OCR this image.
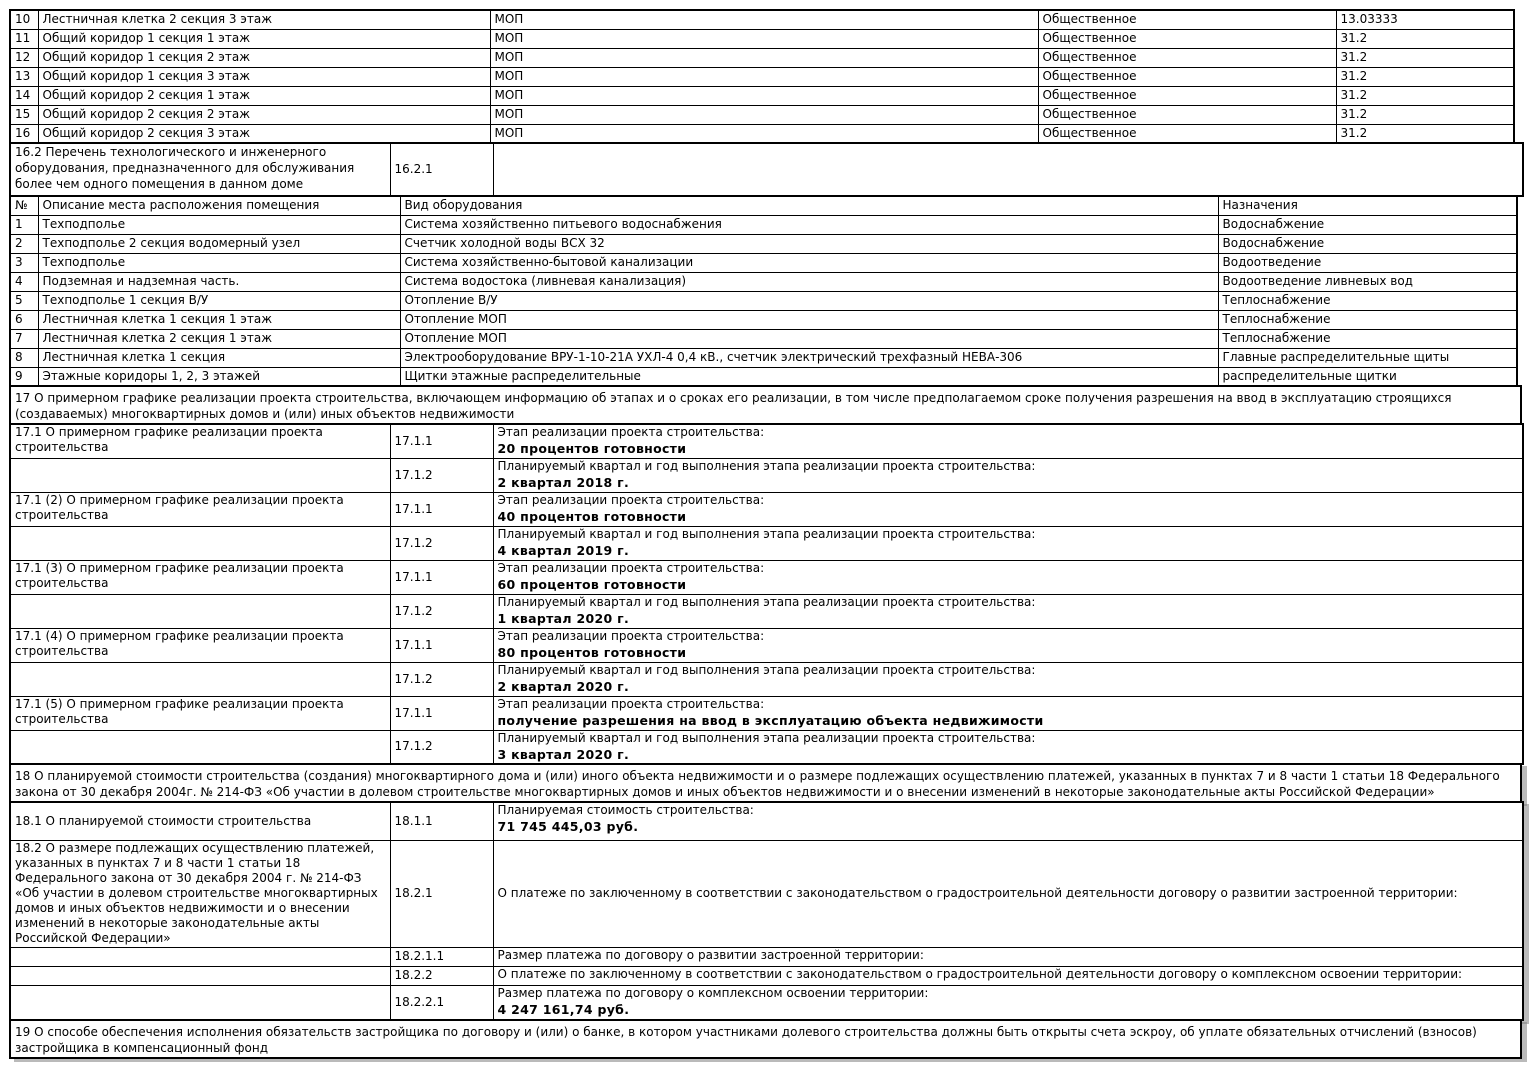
10	Лестничная клетка 2 секция 3 этаж	МОП	Общественное	13.03333
11	Общий коридор 1 секция 1 этаж	МОП	Общественное	31.2
12	Общий коридор 1 секция 2 этаж	МОП	Общественное	31.2
13	Общий коридор 1 секция 3 этаж	МОП	Общественное	31.2
14	Общий коридор 2 секция 1 этаж	МОП	Общественное	31.2
15	Общий коридор 2 секция 2 этаж	МОП	Общественное	31.2
16	Общий коридор 2 секция 3 этаж	МОП	Общественное	31.2
16.2 Перечень технологического и инженерного оборудования, предназначенного для обслуживания более чем одного помещения в данном доме	16.2.1	
№	Описание места расположения помещения	Вид оборудования	Назначения
1	Техподполье	Система хозяйственно питьевого водоснабжения	Водоснабжение
2	Техподполье 2 секция водомерный узел	Счетчик холодной воды ВСХ 32	Водоснабжение
3	Техподполье	Система хозяйственно-бытовой канализации	Водоотведение
4	Подземная и надземная часть.	Система водостока (ливневая канализация)	Водоотведение ливневых вод
5	Техподполье 1 секция В/У	Отопление В/У	Теплоснабжение
6	Лестничная клетка 1 секция 1 этаж	Отопление МОП	Теплоснабжение
7	Лестничная клетка 2 секция 1 этаж	Отопление МОП	Теплоснабжение
8	Лестничная клетка 1 секция	Электрооборудование ВРУ-1-10-21А УХЛ-4 0,4 кВ., счетчик электрический трехфазный НЕВА-306	Главные распределительные щиты
9	Этажные коридоры 1, 2, 3 этажей	Щитки этажные распределительные	распределительные щитки
17 О примерном графике реализации проекта строительства, включающем информацию об этапах и о сроках его реализации, в том числе предполагаемом сроке получения разрешения на ввод в эксплуатацию строящихся (создаваемых) многоквартирных домов и (или) иных объектов недвижимости
17.1 О примерном графике реализации проекта строительства	17.1.1	Этап реализации проекта строительства:
20 процентов готовности

	17.1.2	Планируемый квартал и год выполнения этапа реализации проекта строительства:
2 квартал 2018 г.

17.1 (2) О примерном графике реализации проекта строительства	17.1.1	Этап реализации проекта строительства:
40 процентов готовности

	17.1.2	Планируемый квартал и год выполнения этапа реализации проекта строительства:
4 квартал 2019 г.

17.1 (3) О примерном графике реализации проекта строительства	17.1.1	Этап реализации проекта строительства:
60 процентов готовности

	17.1.2	Планируемый квартал и год выполнения этапа реализации проекта строительства:
1 квартал 2020 г.

17.1 (4) О примерном графике реализации проекта строительства	17.1.1	Этап реализации проекта строительства:
80 процентов готовности

	17.1.2	Планируемый квартал и год выполнения этапа реализации проекта строительства:
2 квартал 2020 г.

17.1 (5) О примерном графике реализации проекта строительства	17.1.1	Этап реализации проекта строительства:
получение разрешения на ввод в эксплуатацию объекта недвижимости

	17.1.2	Планируемый квартал и год выполнения этапа реализации проекта строительства:
3 квартал 2020 г.
18 О планируемой стоимости строительства (создания) многоквартирного дома и (или) иного объекта недвижимости и о размере подлежащих осуществлению платежей, указанных в пунктах 7 и 8 части 1 статьи 18 Федерального закона от 30 декабря 2004г. № 214-ФЗ «Об участии в долевом строительстве многоквартирных домов и иных объектов недвижимости и о внесении изменений в некоторые законодательные акты Российской Федерации»
18.1 О планируемой стоимости строительства	18.1.1	Планируемая стоимость строительства:
71 745 445,03 руб.

18.2 О размере подлежащих осуществлению платежей, указанных в пунктах 7 и 8 части 1 статьи 18 Федерального закона от 30 декабря 2004 г. № 214-ФЗ «Об участии в долевом строительстве многоквартирных домов и иных объектов недвижимости и о внесении изменений в некоторые законодательные акты Российской Федерации»	18.2.1	О платеже по заключенному в соответствии с законодательством о градостроительной деятельности договору о развитии застроенной территории:

	18.2.1.1	Размер платежа по договору о развитии застроенной территории:

	18.2.2	О платеже по заключенному в соответствии с законодательством о градостроительной деятельности договору о комплексном освоении территории:

	18.2.2.1	Размер платежа по договору о комплексном освоении территории:
4 247 161,74 руб.
19 О способе обеспечения исполнения обязательств застройщика по договору и (или) о банке, в котором участниками долевого строительства должны быть открыты счета эскроу, об уплате обязательных отчислений (взносов) застройщика в компенсационный фонд
